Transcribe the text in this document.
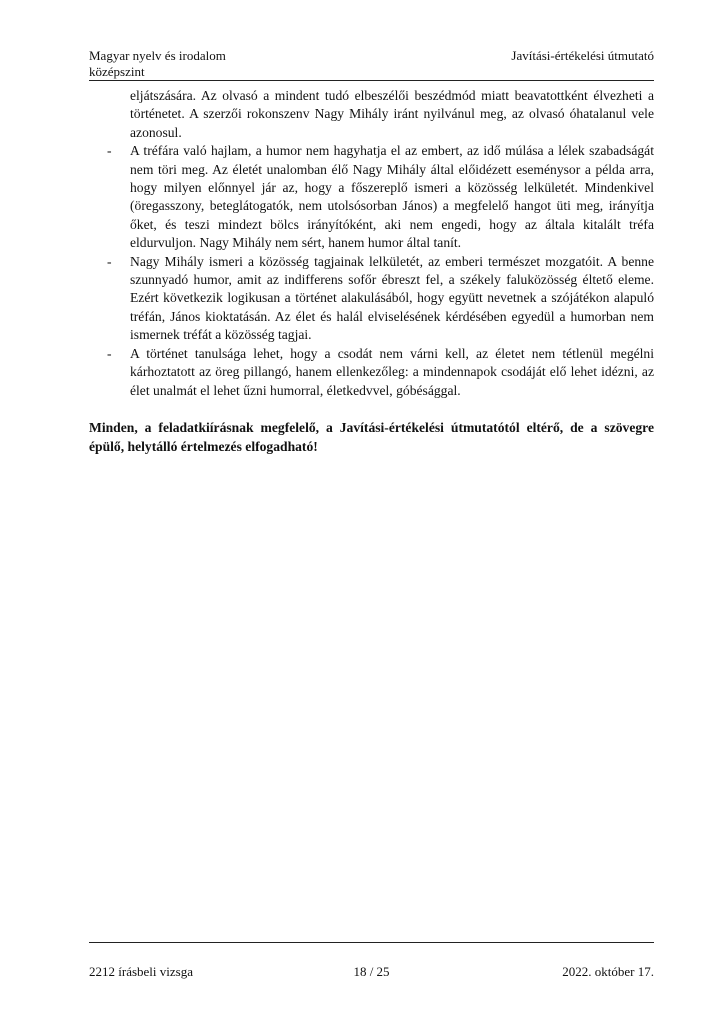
Magyar nyelv és irodalom
középszint
Javítási-értékelési útmutató
eljátszására. Az olvasó a mindent tudó elbeszélői beszédmód miatt beavatottként élvezheti a történetet. A szerzői rokonszenv Nagy Mihály iránt nyilvánul meg, az olvasó óhatalanul vele azonosul.
- A tréfára való hajlam, a humor nem hagyhatja el az embert, az idő múlása a lélek szabadságát nem töri meg. Az életét unalomban élő Nagy Mihály által előidézett eseménysor a példa arra, hogy milyen előnnyel jár az, hogy a főszereplő ismeri a közösség lelkületét. Mindenkivel (öregasszony, beteglátogatók, nem utolsósorban János) a megfelelő hangot üti meg, irányítja őket, és teszi mindezt bölcs irányítóként, aki nem engedi, hogy az általa kitalált tréfa eldurvuljon. Nagy Mihály nem sért, hanem humor által tanít.
- Nagy Mihály ismeri a közösség tagjainak lelkületét, az emberi természet mozgatóit. A benne szunnyadó humor, amit az indifferens sofőr ébreszt fel, a székely faluközösség éltető eleme. Ezért következik logikusan a történet alakulásából, hogy együtt nevetnek a szójátékon alapuló tréfán, János kioktatásán. Az élet és halál elviselésének kérdésében egyedül a humorban nem ismernek tréfát a közösség tagjai.
- A történet tanulsága lehet, hogy a csodát nem várni kell, az életet nem tétlenül megélni kárhoztatott az öreg pillangó, hanem ellenkezőleg: a mindennapok csodáját elő lehet idézni, az élet unalmát el lehet űzni humorral, életkedvvel, góbésággal.
Minden, a feladatkiírásnak megfelelő, a Javítási-értékelési útmutatótól eltérő, de a szövegre épülő, helytálló értelmezés elfogadható!
2212 írásbeli vizsga	18 / 25	2022. október 17.
